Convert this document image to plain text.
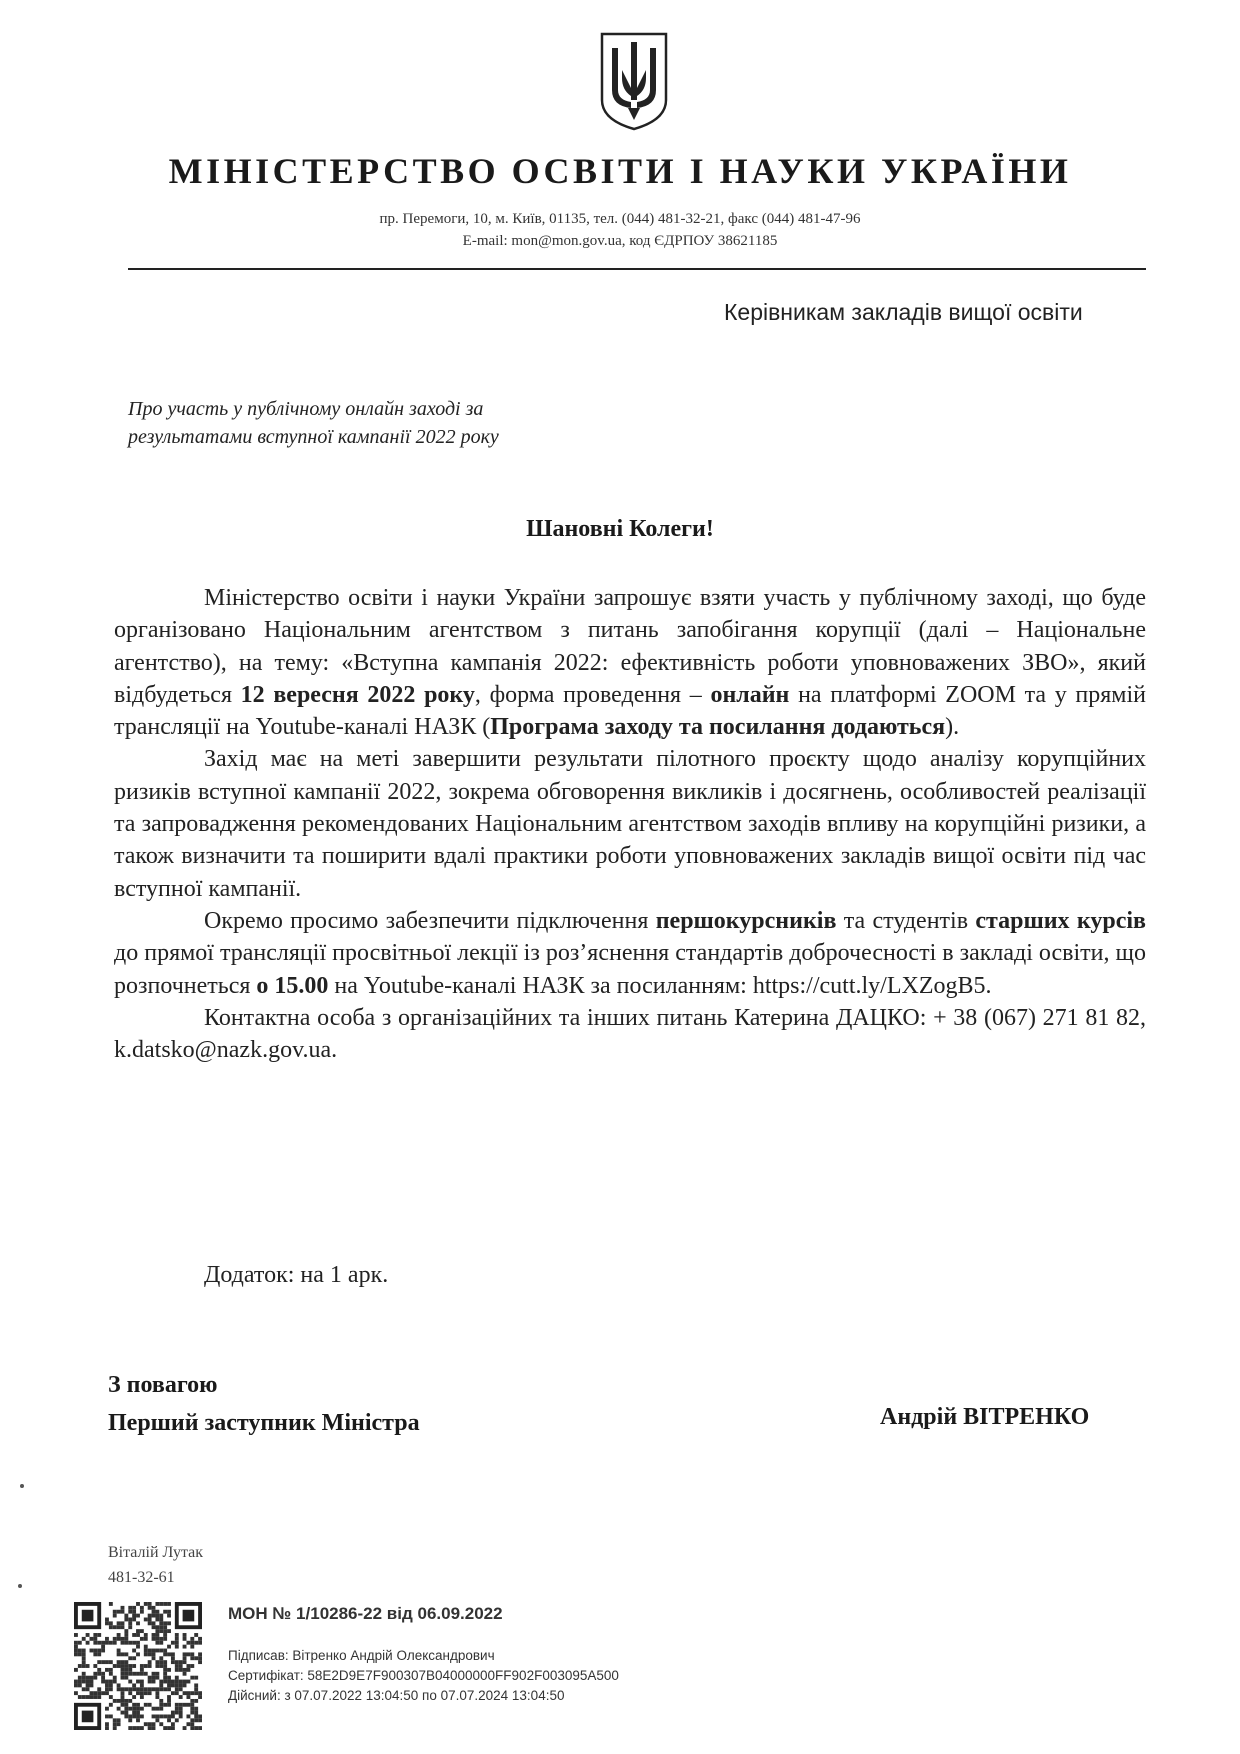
МІНІСТЕРСТВО ОСВІТИ І НАУКИ УКРАЇНИ
пр. Перемоги, 10, м. Київ, 01135, тел. (044) 481-32-21, факс (044) 481-47-96
E-mail: mon@mon.gov.ua, код ЄДРПОУ 38621185
Керівникам закладів вищої освіти
Про участь у публічному онлайн заході за результатами вступної кампанії 2022 року
Шановні Колеги!

Міністерство освіти і науки України запрошує взяти участь у публічному заході, що буде організовано Національним агентством з питань запобігання корупції (далі – Національне агентство), на тему: «Вступна кампанія 2022: ефективність роботи уповноважених ЗВО», який відбудеться 12 вересня 2022 року, форма проведення – онлайн на платформі ZOOM та у прямій трансляції на Youtube-каналі НАЗК (Програма заходу та посилання додаються).

Захід має на меті завершити результати пілотного проєкту щодо аналізу корупційних ризиків вступної кампанії 2022, зокрема обговорення викликів і досягнень, особливостей реалізації та запровадження рекомендованих Національним агентством заходів впливу на корупційні ризики, а також визначити та поширити вдалі практики роботи уповноважених закладів вищої освіти під час вступної кампанії.

Окремо просимо забезпечити підключення першокурсників та студентів старших курсів до прямої трансляції просвітньої лекції із роз’яснення стандартів доброчесності в закладі освіти, що розпочнеться о 15.00 на Youtube-каналі НАЗК за посиланням: https://cutt.ly/LXZogB5.

Контактна особа з організаційних та інших питань Катерина ДАЦКО: + 38 (067) 271 81 82, k.datsko@nazk.gov.ua.

Додаток: на 1 арк.
З повагою
Перший заступник Міністра	Андрій ВІТРЕНКО
Віталій Лутак
481-32-61
МОН № 1/10286-22 від 06.09.2022
Підписав: Вітренко Андрій Олександрович
Сертифікат: 58E2D9E7F900307B04000000FF902F003095A500
Дійсний: з 07.07.2022 13:04:50 по 07.07.2024 13:04:50
